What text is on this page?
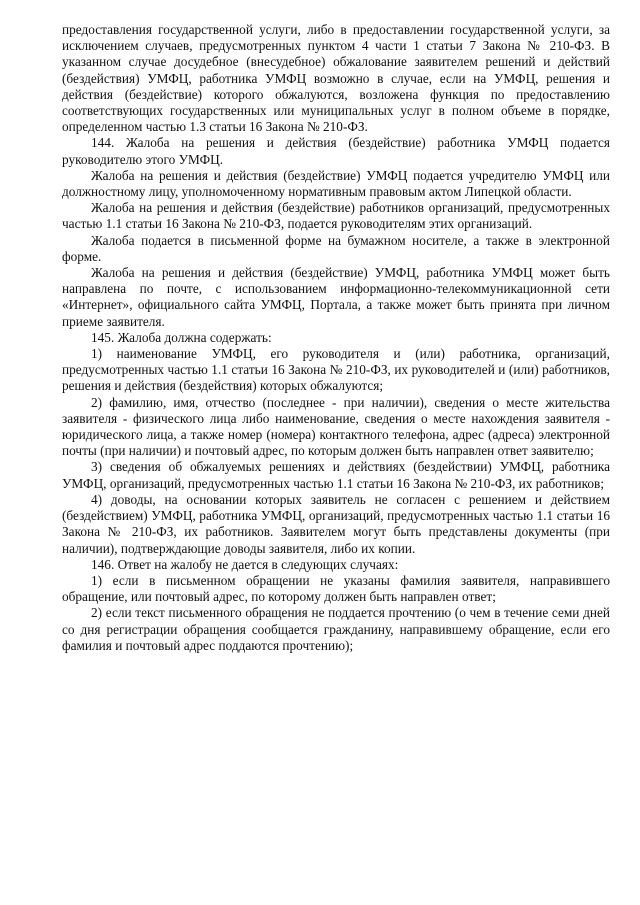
предоставления государственной услуги, либо в предоставлении государственной услуги, за исключением случаев, предусмотренных пунктом 4 части 1 статьи 7 Закона № 210-ФЗ. В указанном случае досудебное (внесудебное) обжалование заявителем решений и действий (бездействия) УМФЦ, работника УМФЦ возможно в случае, если на УМФЦ, решения и действия (бездействие) которого обжалуются, возложена функция по предоставлению соответствующих государственных или муниципальных услуг в полном объеме в порядке, определенном частью 1.3 статьи 16 Закона № 210-ФЗ.

144. Жалоба на решения и действия (бездействие) работника УМФЦ подается руководителю этого УМФЦ.

Жалоба на решения и действия (бездействие) УМФЦ подается учредителю УМФЦ или должностному лицу, уполномоченному нормативным правовым актом Липецкой области.

Жалоба на решения и действия (бездействие) работников организаций, предусмотренных частью 1.1 статьи 16 Закона № 210-ФЗ, подается руководителям этих организаций.

Жалоба подается в письменной форме на бумажном носителе, а также в электронной форме.

Жалоба на решения и действия (бездействие) УМФЦ, работника УМФЦ может быть направлена по почте, с использованием информационно-телекоммуникационной сети «Интернет», официального сайта УМФЦ, Портала, а также может быть принята при личном приеме заявителя.

145. Жалоба должна содержать:

1) наименование УМФЦ, его руководителя и (или) работника, организаций, предусмотренных частью 1.1 статьи 16 Закона № 210-ФЗ, их руководителей и (или) работников, решения и действия (бездействия) которых обжалуются;

2) фамилию, имя, отчество (последнее - при наличии), сведения о месте жительства заявителя - физического лица либо наименование, сведения о месте нахождения заявителя - юридического лица, а также номер (номера) контактного телефона, адрес (адреса) электронной почты (при наличии) и почтовый адрес, по которым должен быть направлен ответ заявителю;

3) сведения об обжалуемых решениях и действиях (бездействии) УМФЦ, работника УМФЦ, организаций, предусмотренных частью 1.1 статьи 16 Закона № 210-ФЗ, их работников;

4) доводы, на основании которых заявитель не согласен с решением и действием (бездействием) УМФЦ, работника УМФЦ, организаций, предусмотренных частью 1.1 статьи 16 Закона № 210-ФЗ, их работников. Заявителем могут быть представлены документы (при наличии), подтверждающие доводы заявителя, либо их копии.

146. Ответ на жалобу не дается в следующих случаях:

1) если в письменном обращении не указаны фамилия заявителя, направившего обращение, или почтовый адрес, по которому должен быть направлен ответ;

2) если текст письменного обращения не поддается прочтению (о чем в течение семи дней со дня регистрации обращения сообщается гражданину, направившему обращение, если его фамилия и почтовый адрес поддаются прочтению);
